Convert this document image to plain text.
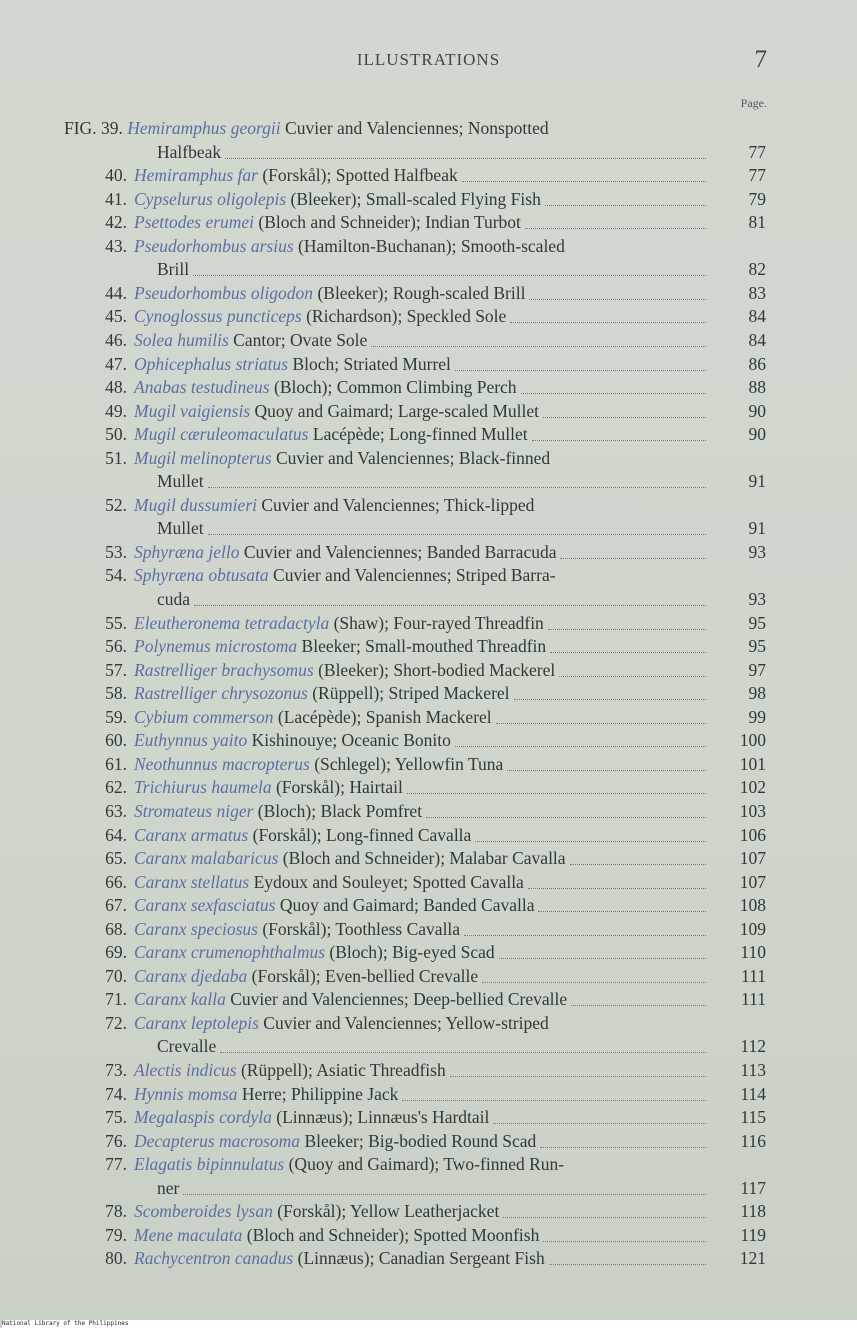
ILLUSTRATIONS	7
Page.
FIG. 39. Hemiramphus georgii Cuvier and Valenciennes; Nonspotted
Halfbeak	77
40. Hemiramphus far (Forskål); Spotted Halfbeak	77
41. Cypselurus oligolepis (Bleeker); Small-scaled Flying Fish	79
42. Psettodes erumei (Bloch and Schneider); Indian Turbot	81
43. Pseudorhombus arsius (Hamilton-Buchanan); Smooth-scaled
Brill	82
44. Pseudorhombus oligodon (Bleeker); Rough-scaled Brill	83
45. Cynoglossus puncticeps (Richardson); Speckled Sole	84
46. Solea humilis Cantor; Ovate Sole	84
47. Ophicephalus striatus Bloch; Striated Murrel	86
48. Anabas testudineus (Bloch); Common Climbing Perch	88
49. Mugil vaigiensis Quoy and Gaimard; Large-scaled Mullet	90
50. Mugil cæruleomaculatus Lacépède; Long-finned Mullet	90
51. Mugil melinopterus Cuvier and Valenciennes; Black-finned
Mullet	91
52. Mugil dussumieri Cuvier and Valenciennes; Thick-lipped
Mullet	91
53. Sphyræna jello Cuvier and Valenciennes; Banded Barracuda	93
54. Sphyræna obtusata Cuvier and Valenciennes; Striped Barra-
cuda	93
55. Eleutheronema tetradactyla (Shaw); Four-rayed Threadfin	95
56. Polynemus microstoma Bleeker; Small-mouthed Threadfin	95
57. Rastrelliger brachysomus (Bleeker); Short-bodied Mackerel	97
58. Rastrelliger chrysozonus (Rüppell); Striped Mackerel	98
59. Cybium commerson (Lacépède); Spanish Mackerel	99
60. Euthynnus yaito Kishinouye; Oceanic Bonito	100
61. Neothunnus macropterus (Schlegel); Yellowfin Tuna	101
62. Trichiurus haumela (Forskål); Hairtail	102
63. Stromateus niger (Bloch); Black Pomfret	103
64. Caranx armatus (Forskål); Long-finned Cavalla	106
65. Caranx malabaricus (Bloch and Schneider); Malabar Cavalla	107
66. Caranx stellatus Eydoux and Souleyet; Spotted Cavalla	107
67. Caranx sexfasciatus Quoy and Gaimard; Banded Cavalla	108
68. Caranx speciosus (Forskål); Toothless Cavalla	109
69. Caranx crumenophthalmus (Bloch); Big-eyed Scad	110
70. Caranx djedaba (Forskål); Even-bellied Crevalle	111
71. Caranx kalla Cuvier and Valenciennes; Deep-bellied Crevalle	111
72. Caranx leptolepis Cuvier and Valenciennes; Yellow-striped
Crevalle	112
73. Alectis indicus (Rüppell); Asiatic Threadfish	113
74. Hynnis momsa Herre; Philippine Jack	114
75. Megalaspis cordyla (Linnæus); Linnæus's Hardtail	115
76. Decapterus macrosoma Bleeker; Big-bodied Round Scad	116
77. Elagatis bipinnulatus (Quoy and Gaimard); Two-finned Run-
ner	117
78. Scomberoides lysan (Forskål); Yellow Leatherjacket	118
79. Mene maculata (Bloch and Schneider); Spotted Moonfish	119
80. Rachycentron canadus (Linnæus); Canadian Sergeant Fish	121
National Library of the Philippines
